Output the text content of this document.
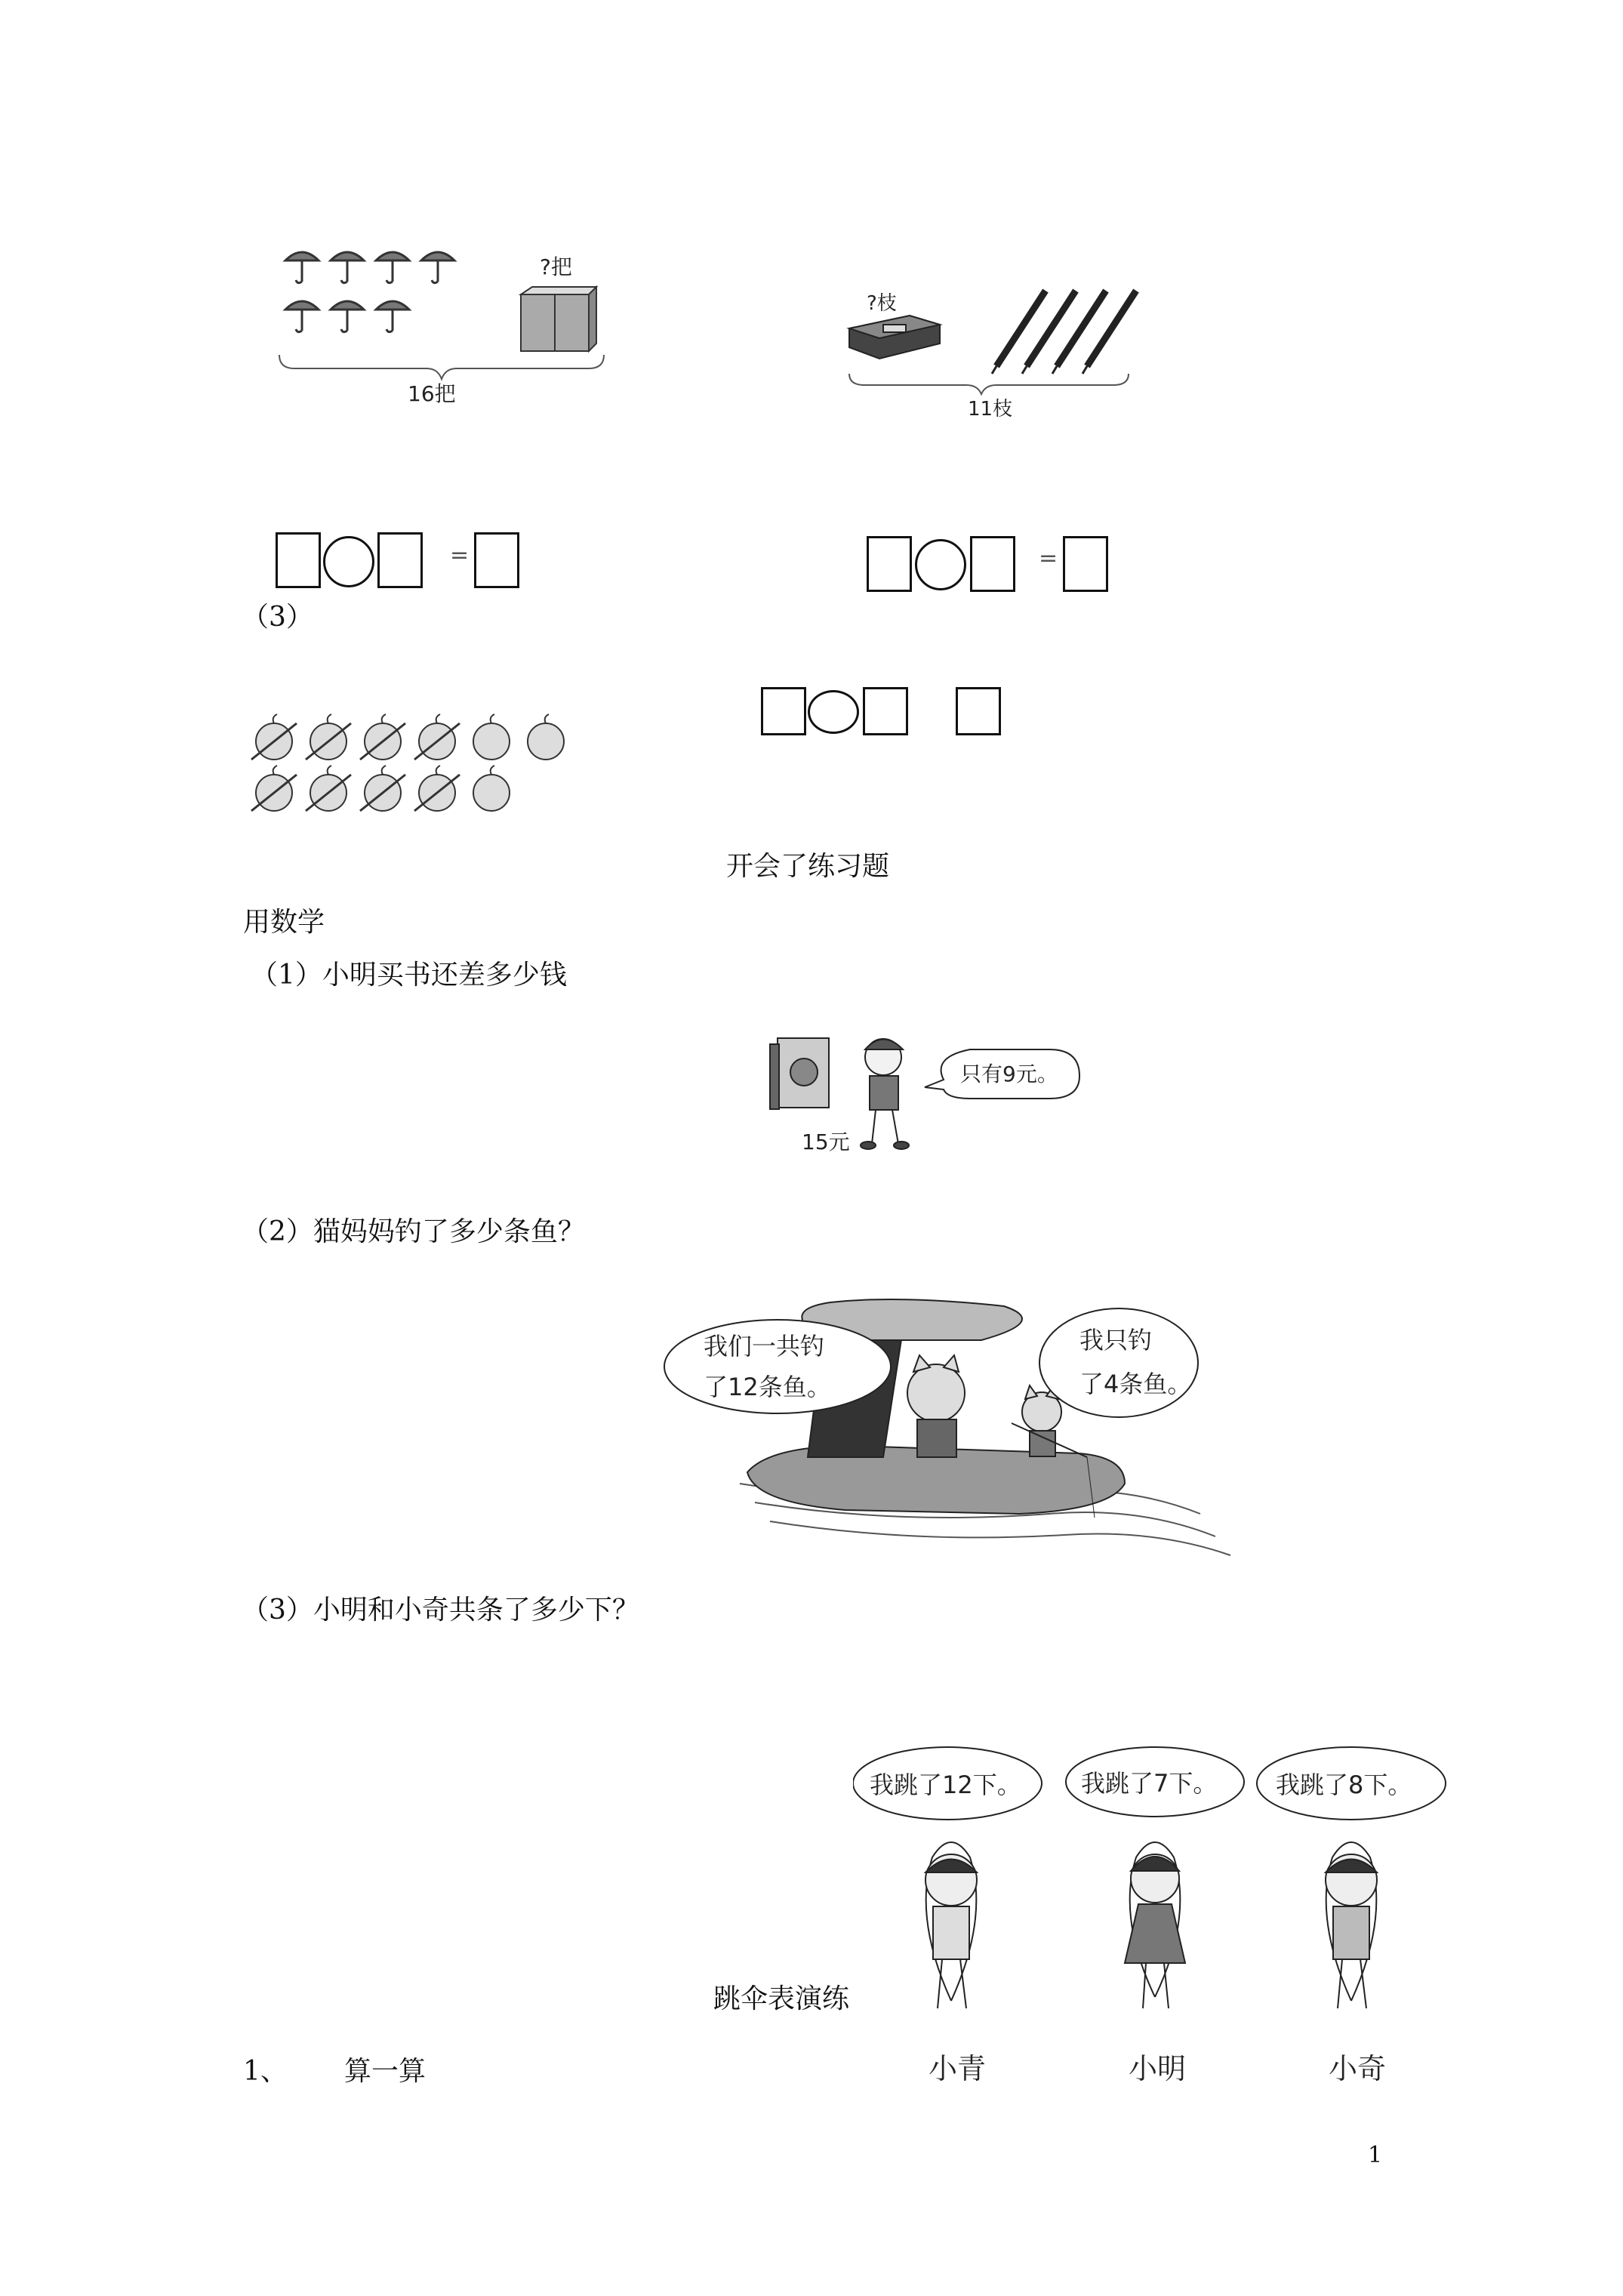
?把
16把
?枝
11枝
=	=
（3）
开会了练习题
用数学
（1）小明买书还差多少钱
15元
只有9元。
（2）猫妈妈钓了多少条鱼？
我们一共钓
了12条鱼。
我只钓
了4条鱼。
（3）小明和小奇共条了多少下？
我跳了12下。 我跳了7下。 我跳了8下。
小青	小明	小奇
跳伞表演练
1、 算一算
1
